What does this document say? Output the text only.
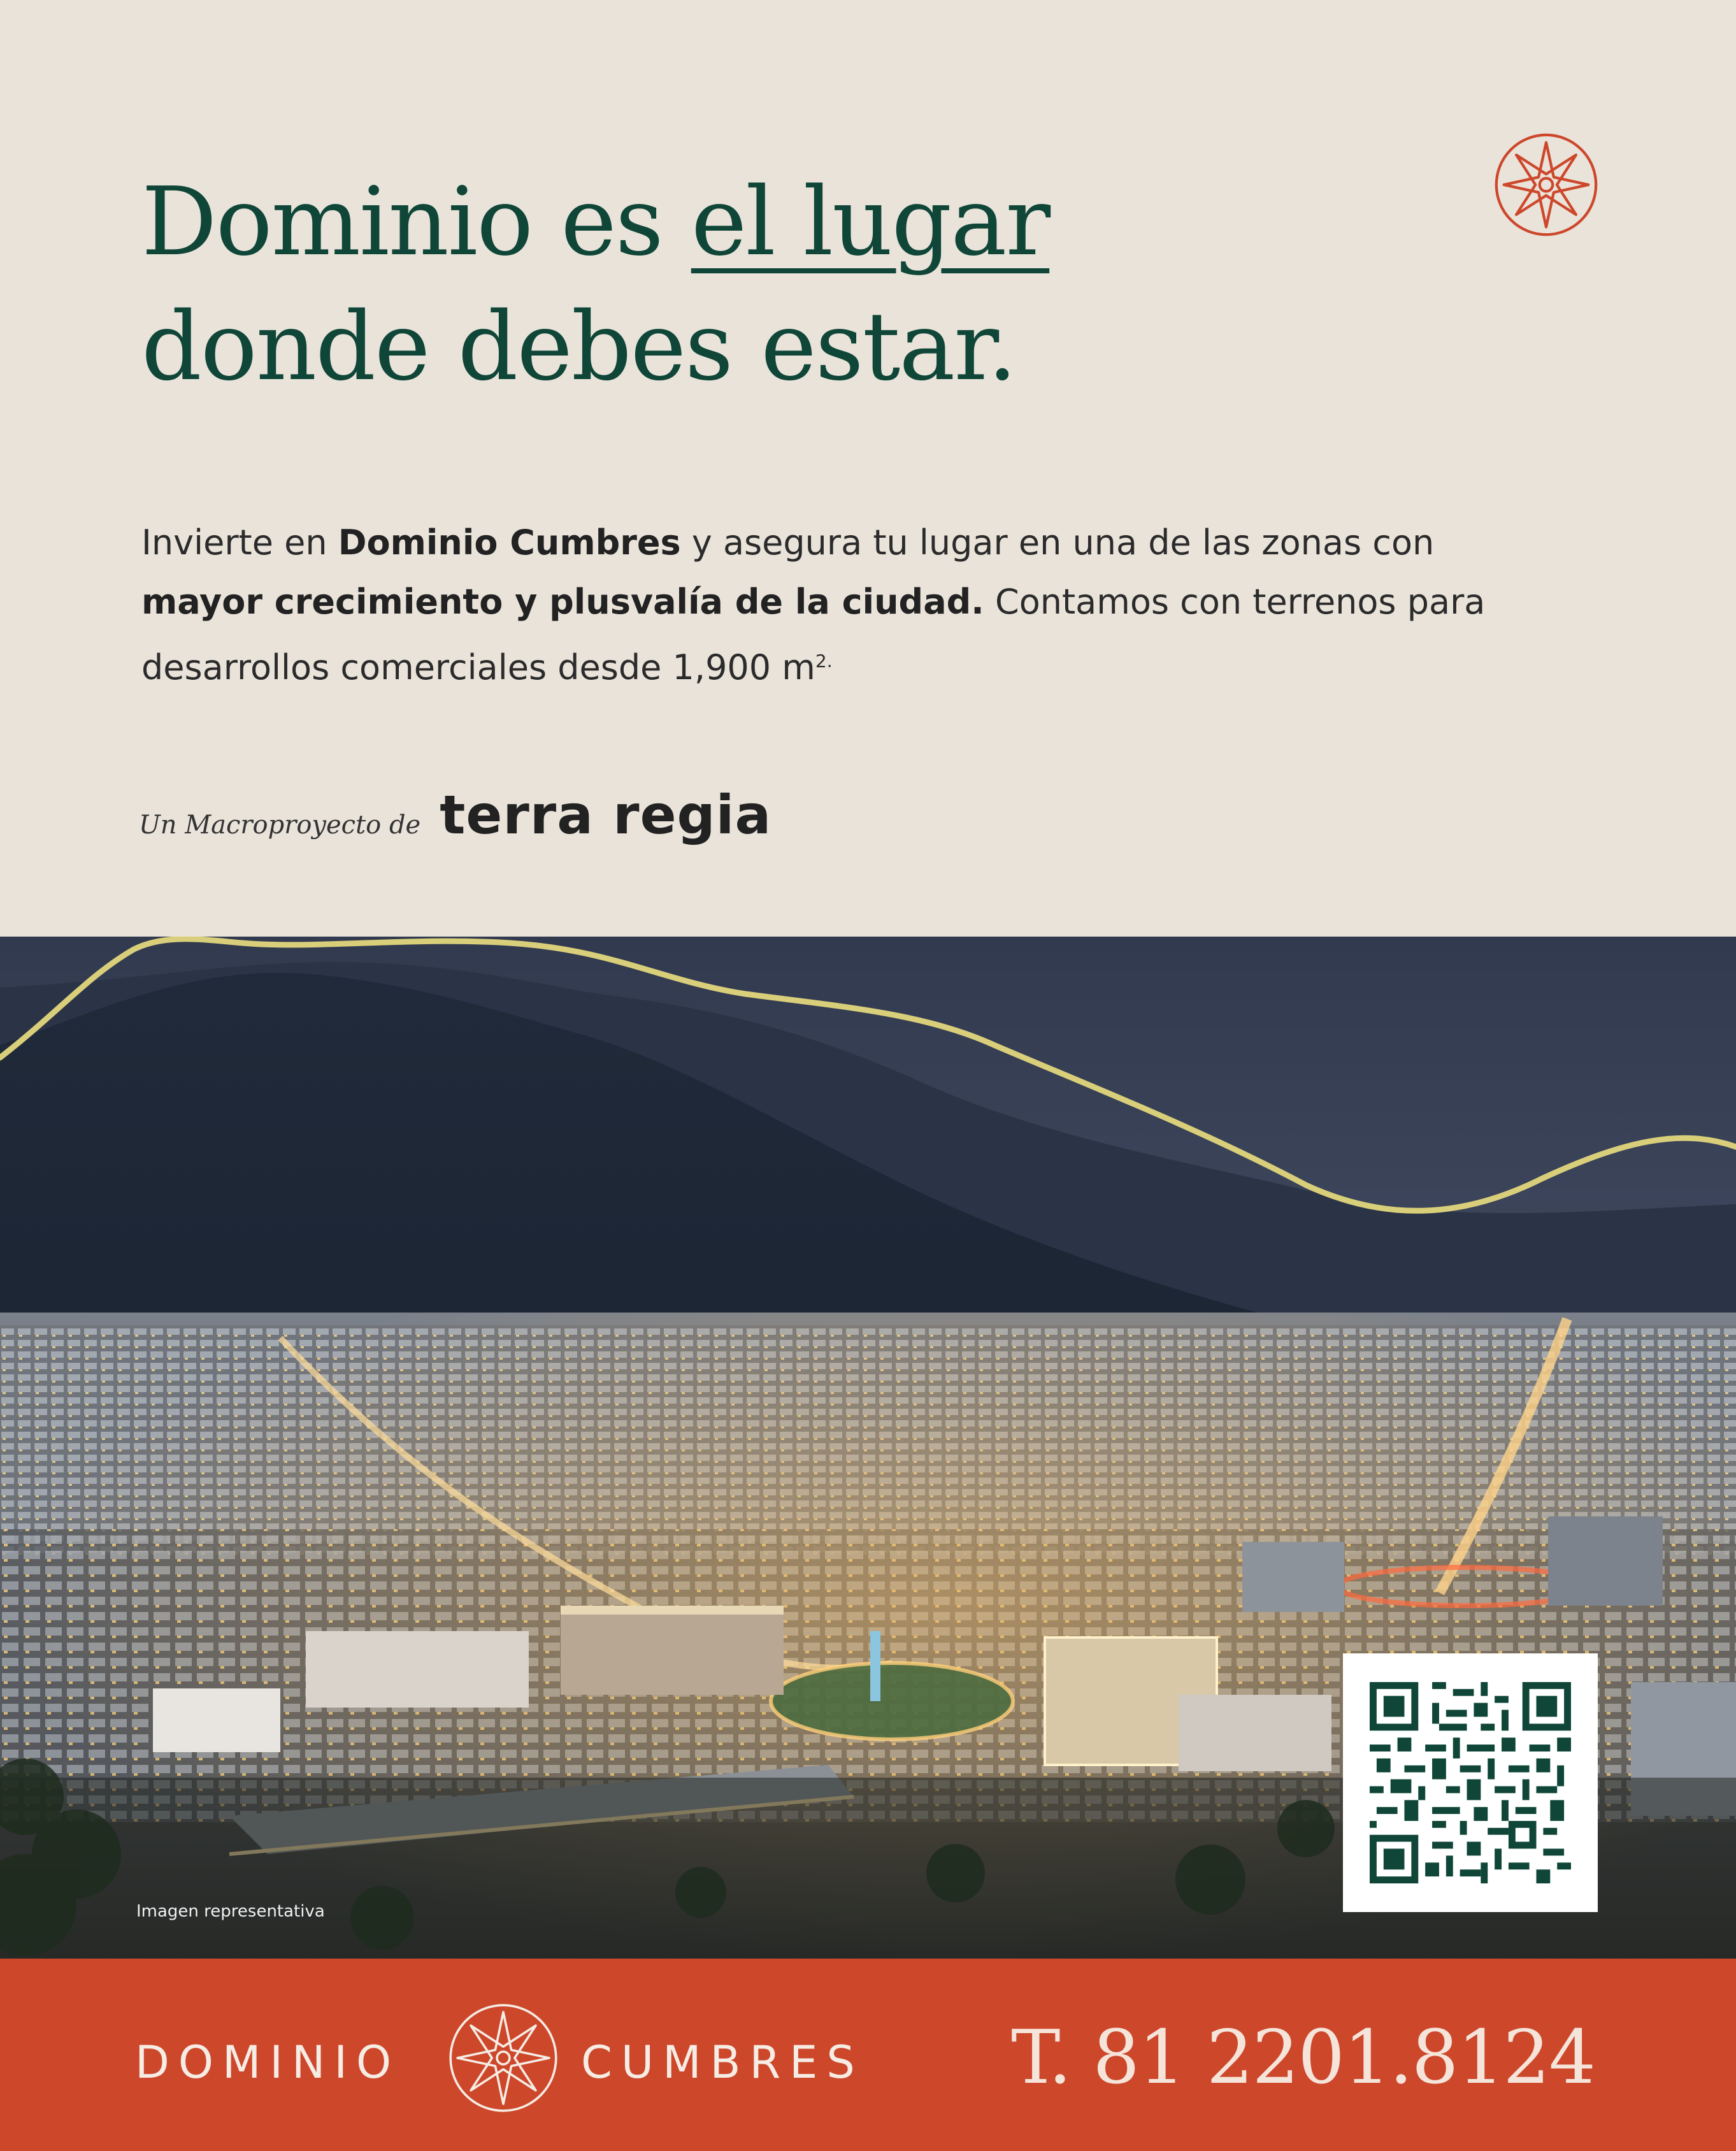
Dominio es el lugar
donde debes estar.

Invierte en Dominio Cumbres y asegura tu lugar en una de las zonas con mayor crecimiento y plusvalía de la ciudad. Contamos con terrenos para desarrollos comerciales desde 1,900 $m^{2.}$

Un Macroproyecto de terra regia
Imagen representativa
DOMINIO	CUMBRES T. 81 2201.8124
